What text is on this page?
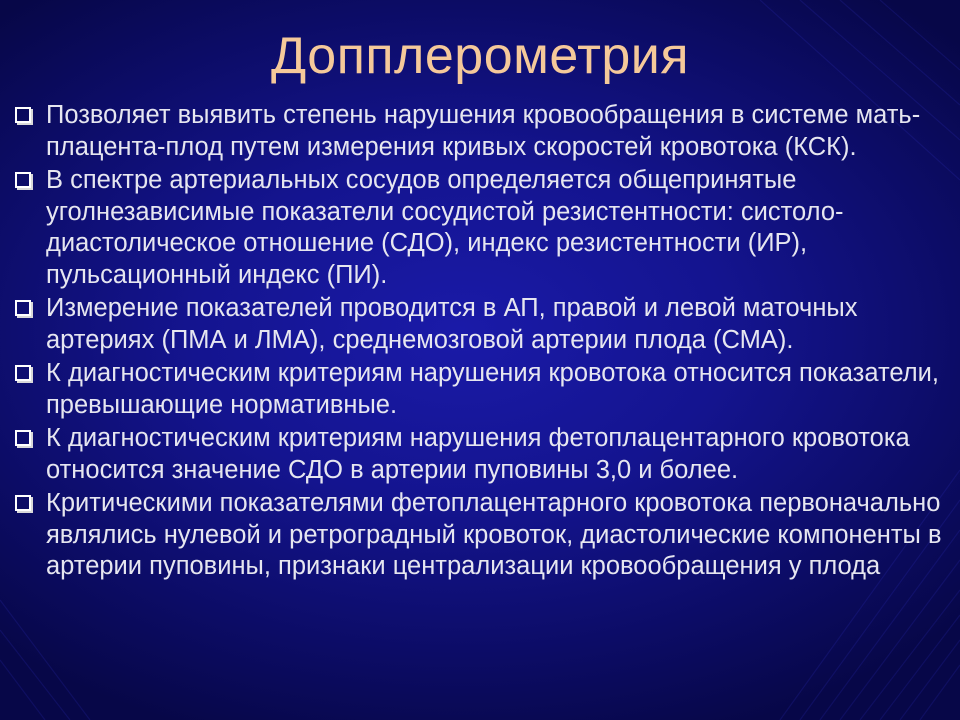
Допплерометрия
Позволяет выявить степень нарушения кровообращения в системе мать-плацента-плод путем измерения кривых скоростей кровотока (КСК).
В спектре артериальных сосудов определяется общепринятые уголнезависимые показатели сосудистой резистентности: систоло-диастолическое отношение (СДО), индекс резистентности (ИР), пульсационный индекс (ПИ).
Измерение показателей проводится в АП, правой и левой маточных артериях (ПМА и ЛМА), среднемозговой артерии плода (СМА).
К диагностическим критериям нарушения кровотока относится показатели, превышающие нормативные.
К диагностическим критериям нарушения фетоплацентарного кровотока относится значение СДО в артерии пуповины 3,0 и более.
Критическими показателями фетоплацентарного кровотока первоначально являлись нулевой и ретроградный кровоток, диастолические компоненты в артерии пуповины, признаки централизации кровообращения у плода
